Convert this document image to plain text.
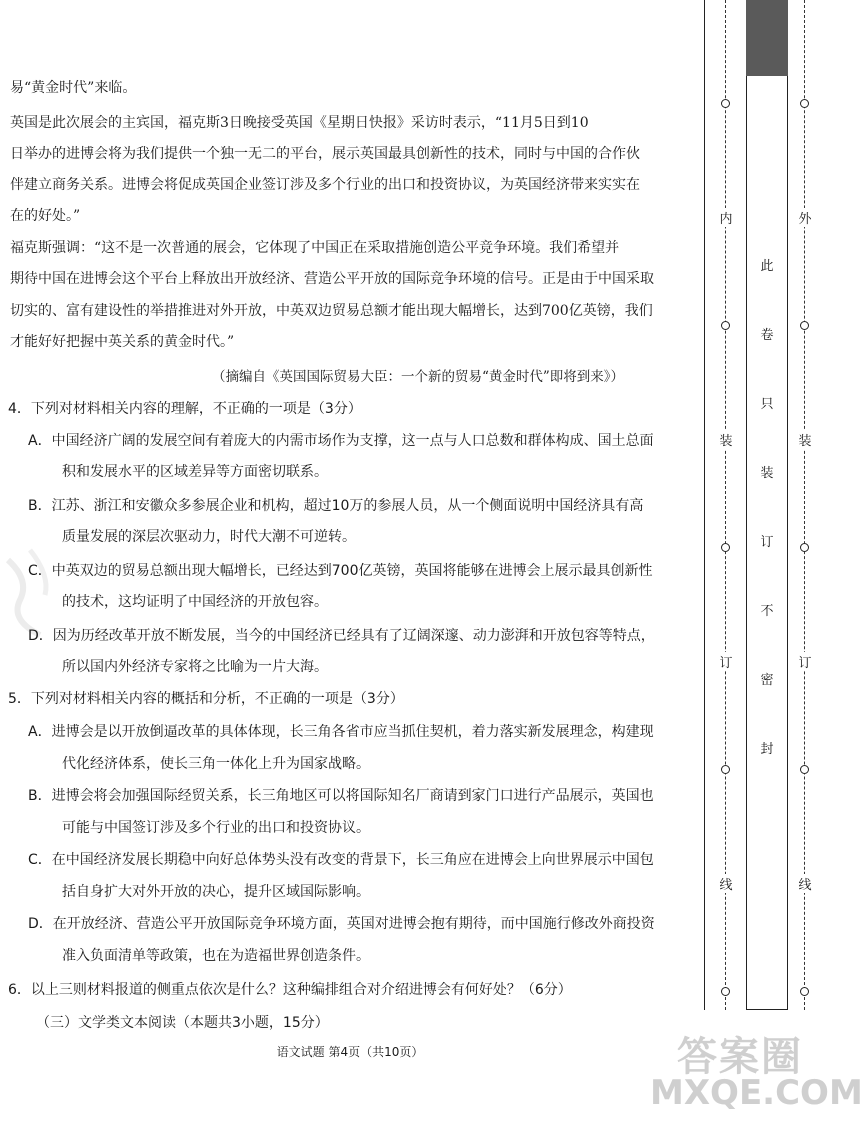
易“黄金时代”来临。
英国是此次展会的主宾国，福克斯3日晚接受英国《星期日快报》采访时表示，“11月5日到10
日举办的进博会将为我们提供一个独一无二的平台，展示英国最具创新性的技术，同时与中国的合作伙
伴建立商务关系。进博会将促成英国企业签订涉及多个行业的出口和投资协议，为英国经济带来实实在
在的好处。”
福克斯强调：“这不是一次普通的展会，它体现了中国正在采取措施创造公平竞争环境。我们希望并
期待中国在进博会这个平台上释放出开放经济、营造公平开放的国际竞争环境的信号。正是由于中国采取
切实的、富有建设性的举措推进对外开放，中英双边贸易总额才能出现大幅增长，达到700亿英镑，我们
才能好好把握中英关系的黄金时代。”
（摘编自《英国国际贸易大臣：一个新的贸易“黄金时代”即将到来》）
4．下列对材料相关内容的理解，不正确的一项是（3分）
A．中国经济广阔的发展空间有着庞大的内需市场作为支撑，这一点与人口总数和群体构成、国土总面
积和发展水平的区域差异等方面密切联系。
B．江苏、浙江和安徽众多参展企业和机构，超过10万的参展人员，从一个侧面说明中国经济具有高
质量发展的深层次驱动力，时代大潮不可逆转。
C．中英双边的贸易总额出现大幅增长，已经达到700亿英镑，英国将能够在进博会上展示最具创新性
的技术，这均证明了中国经济的开放包容。
D．因为历经改革开放不断发展，当今的中国经济已经具有了辽阔深邃、动力澎湃和开放包容等特点，
所以国内外经济专家将之比喻为一片大海。
5．下列对材料相关内容的概括和分析，不正确的一项是（3分）
A．进博会是以开放倒逼改革的具体体现，长三角各省市应当抓住契机，着力落实新发展理念，构建现
代化经济体系，使长三角一体化上升为国家战略。
B．进博会将会加强国际经贸关系，长三角地区可以将国际知名厂商请到家门口进行产品展示，英国也
可能与中国签订涉及多个行业的出口和投资协议。
C．在中国经济发展长期稳中向好总体势头没有改变的背景下，长三角应在进博会上向世界展示中国包
括自身扩大对外开放的决心，提升区域国际影响。
D．在开放经济、营造公平开放国际竞争环境方面，英国对进博会抱有期待，而中国施行修改外商投资
准入负面清单等政策，也在为造福世界创造条件。
6．以上三则材料报道的侧重点依次是什么？这种编排组合对介绍进博会有何好处？（6分）
（三）文学类文本阅读（本题共3小题，15分）
语文试题 第4页（共10页）
内
装
订
线
外
装
订
线
此
卷
只
装
订
不
密
封
答案圈
MXQE.COM
